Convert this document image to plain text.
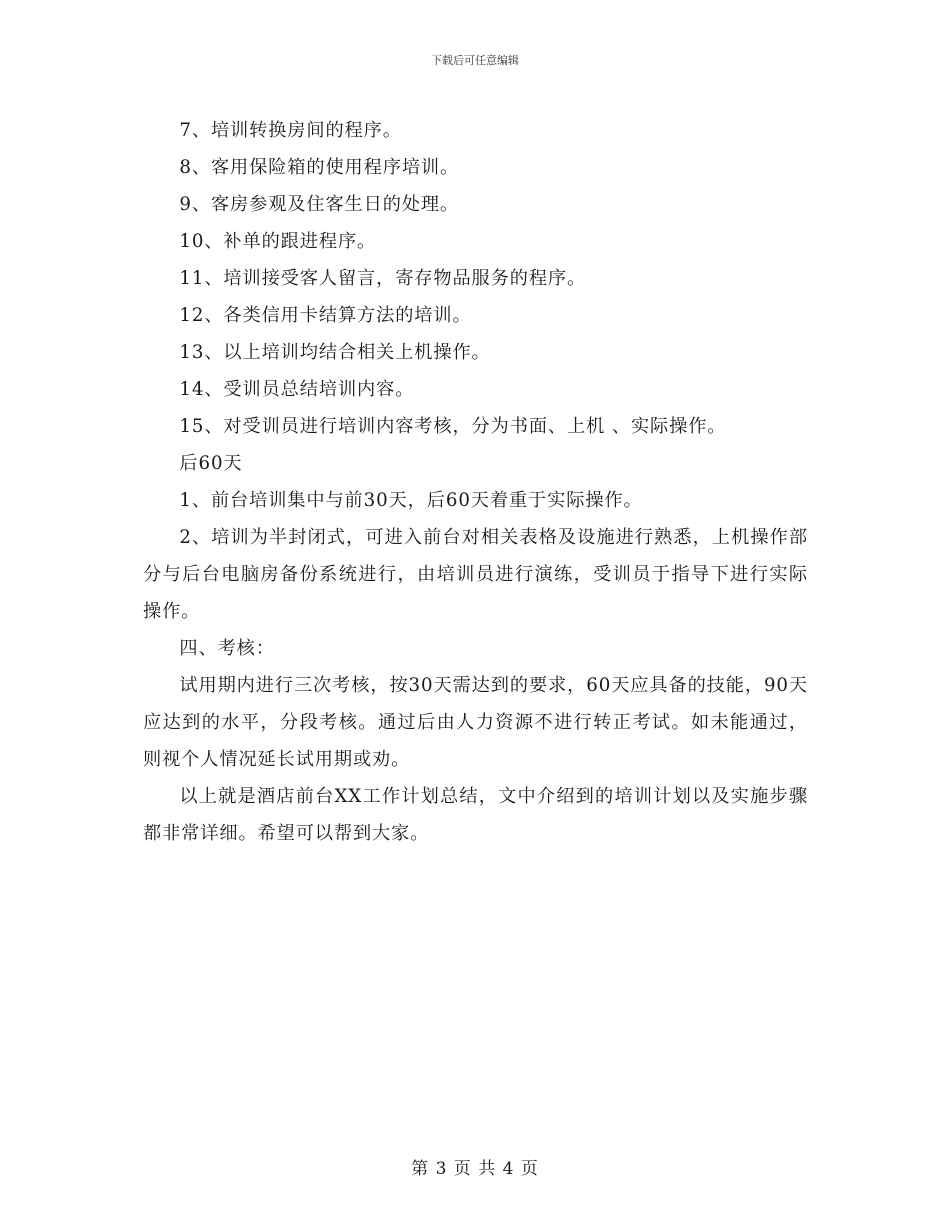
下载后可任意编辑

7、培训转换房间的程序。

8、客用保险箱的使用程序培训。

9、客房参观及住客生日的处理。

10、补单的跟进程序。

11、培训接受客人留言，寄存物品服务的程序。

12、各类信用卡结算方法的培训。

13、以上培训均结合相关上机操作。

14、受训员总结培训内容。

15、对受训员进行培训内容考核，分为书面、上机 、实际操作。

后60天

1、前台培训集中与前30天，后60天着重于实际操作。

2、培训为半封闭式，可进入前台对相关表格及设施进行熟悉，上机操作部分与后台电脑房备份系统进行，由培训员进行演练，受训员于指导下进行实际操作。

四、考核：

试用期内进行三次考核，按30天需达到的要求，60天应具备的技能，90天应达到的水平，分段考核。通过后由人力资源不进行转正考试。如未能通过，则视个人情况延长试用期或劝。

以上就是酒店前台XX工作计划总结，文中介绍到的培训计划以及实施步骤都非常详细。希望可以帮到大家。

第 3 页 共 4 页
